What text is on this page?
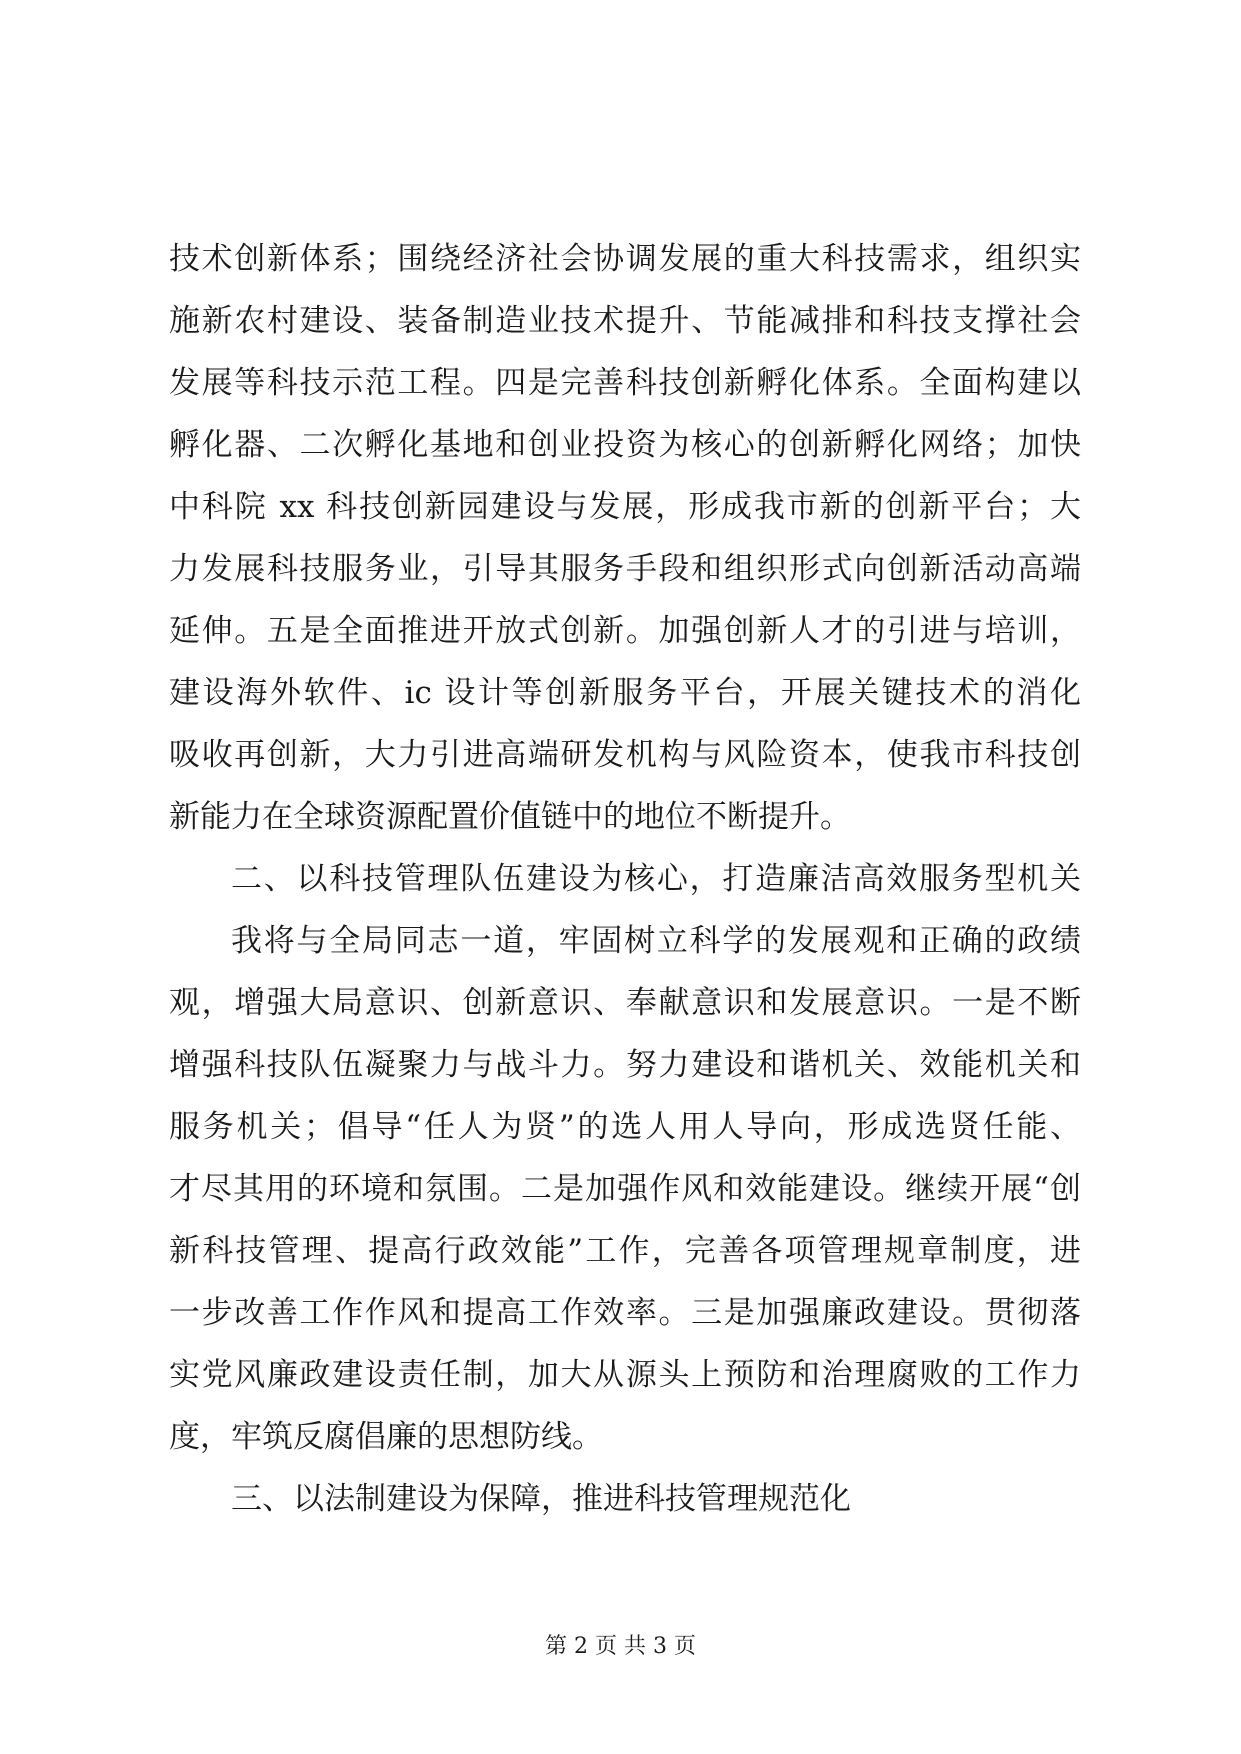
技术创新体系；围绕经济社会协调发展的重大科技需求，组织实
施新农村建设、装备制造业技术提升、节能减排和科技支撑社会
发展等科技示范工程。四是完善科技创新孵化体系。全面构建以
孵化器、二次孵化基地和创业投资为核心的创新孵化网络；加快
中科院 xx 科技创新园建设与发展，形成我市新的创新平台；大
力发展科技服务业，引导其服务手段和组织形式向创新活动高端
延伸。五是全面推进开放式创新。加强创新人才的引进与培训，
建设海外软件、ic 设计等创新服务平台，开展关键技术的消化
吸收再创新，大力引进高端研发机构与风险资本，使我市科技创
新能力在全球资源配置价值链中的地位不断提升。
二、以科技管理队伍建设为核心，打造廉洁高效服务型机关
我将与全局同志一道，牢固树立科学的发展观和正确的政绩
观，增强大局意识、创新意识、奉献意识和发展意识。一是不断
增强科技队伍凝聚力与战斗力。努力建设和谐机关、效能机关和
服务机关；倡导“任人为贤”的选人用人导向，形成选贤任能、
才尽其用的环境和氛围。二是加强作风和效能建设。继续开展“创
新科技管理、提高行政效能”工作，完善各项管理规章制度，进
一步改善工作作风和提高工作效率。三是加强廉政建设。贯彻落
实党风廉政建设责任制，加大从源头上预防和治理腐败的工作力
度，牢筑反腐倡廉的思想防线。
三、以法制建设为保障，推进科技管理规范化
第 2 页 共 3 页
